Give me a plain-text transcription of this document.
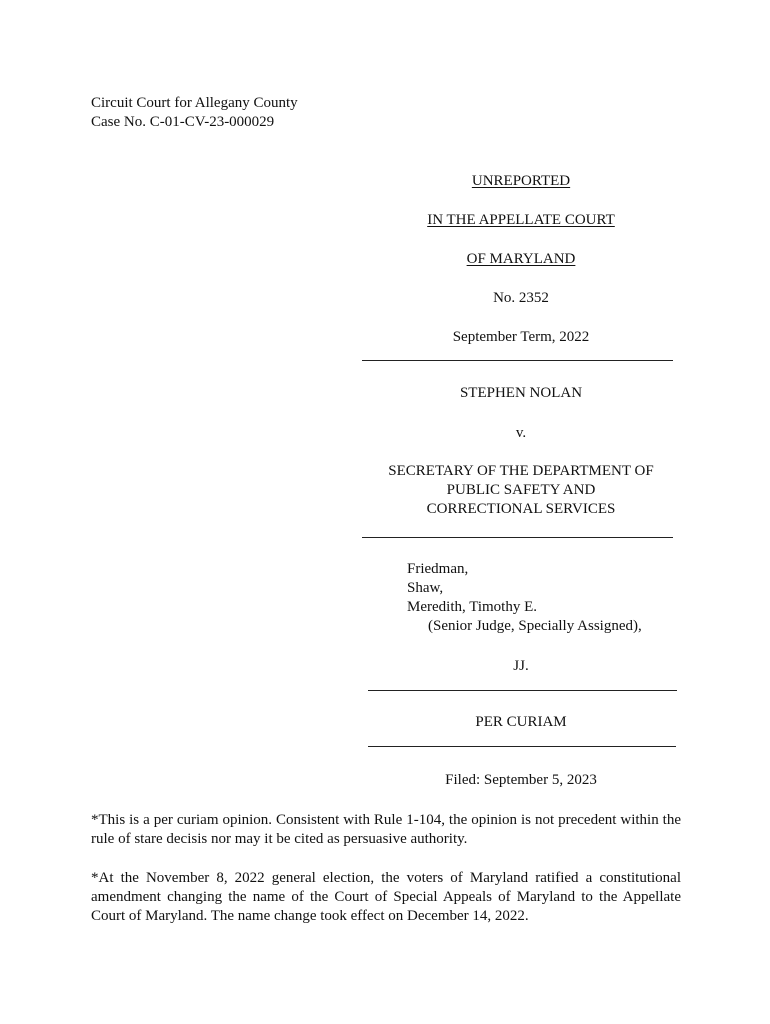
Circuit Court for Allegany County
Case No. C-01-CV-23-000029
UNREPORTED
IN THE APPELLATE COURT
OF MARYLAND
No. 2352
September Term, 2022
STEPHEN NOLAN
v.
SECRETARY OF THE DEPARTMENT OF
PUBLIC SAFETY AND
CORRECTIONAL SERVICES
Friedman,
Shaw,
Meredith, Timothy E.
(Senior Judge, Specially Assigned),
JJ.
PER CURIAM
Filed: September 5, 2023
*This is a per curiam opinion. Consistent with Rule 1-104, the opinion is not precedent within the rule of stare decisis nor may it be cited as persuasive authority.
*At the November 8, 2022 general election, the voters of Maryland ratified a constitutional amendment changing the name of the Court of Special Appeals of Maryland to the Appellate Court of Maryland. The name change took effect on December 14, 2022.
